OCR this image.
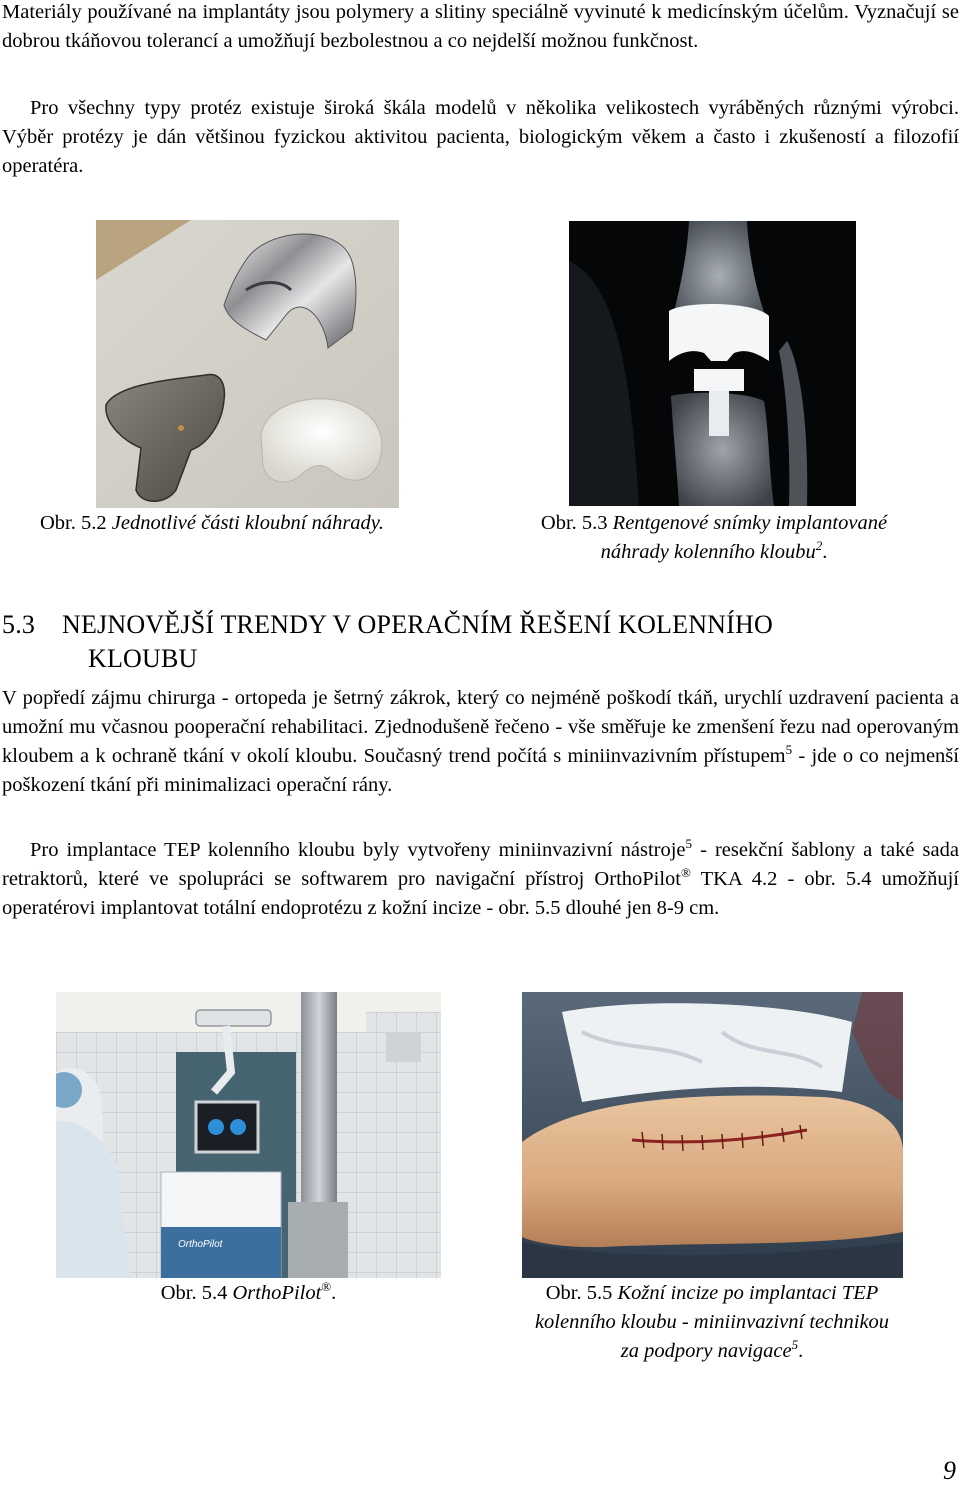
Materiály používané na implantáty jsou polymery a slitiny speciálně vyvinuté k medicínským účelům. Vyznačují se dobrou tkáňovou tolerancí a umožňují bezbolestnou a co nejdelší možnou funkčnost.

Pro všechny typy protéz existuje široká škála modelů v několika velikostech vyráběných různými výrobci. Výběr protézy je dán většinou fyzickou aktivitou pacienta, biologickým věkem a často i zkušeností a filozofií operatéra.

Obr. 5.2 Jednotlivé části kloubní náhrady.	Obr. 5.3 Rentgenové snímky implantované
náhrady kolenního kloubu$^2$.

5.3 NEJNOVĚJŠÍ TRENDY V OPERAČNÍM ŘEŠENÍ KOLENNÍHO
KLOUBU

V popředí zájmu chirurga - ortopeda je šetrný zákrok, který co nejméně poškodí tkáň, urychlí uzdravení pacienta a umožní mu včasnou pooperační rehabilitaci. Zjednodušeně řečeno - vše směřuje ke zmenšení řezu nad operovaným kloubem a k ochraně tkání v okolí kloubu. Současný trend počítá s miniinvazivním přístupem$^5$ - jde o co nejmenší poškození tkání při minimalizaci operační rány.

Pro implantace TEP kolenního kloubu byly vytvořeny miniinvazivní nástroje$^5$ - resekční šablony a také sada retraktorů, které ve spolupráci se softwarem pro navigační přístroj OrthoPilot® TKA 4.2 - obr. 5.4 umožňují operatérovi implantovat totální endoprotézu z kožní incize - obr. 5.5 dlouhé jen 8-9 cm.

OrthoPilot

Obr. 5.4 OrthoPilot®.	Obr. 5.5 Kožní incize po implantaci TEP
kolenního kloubu - miniinvazivní technikou
za podpory navigace$^5$.

9
